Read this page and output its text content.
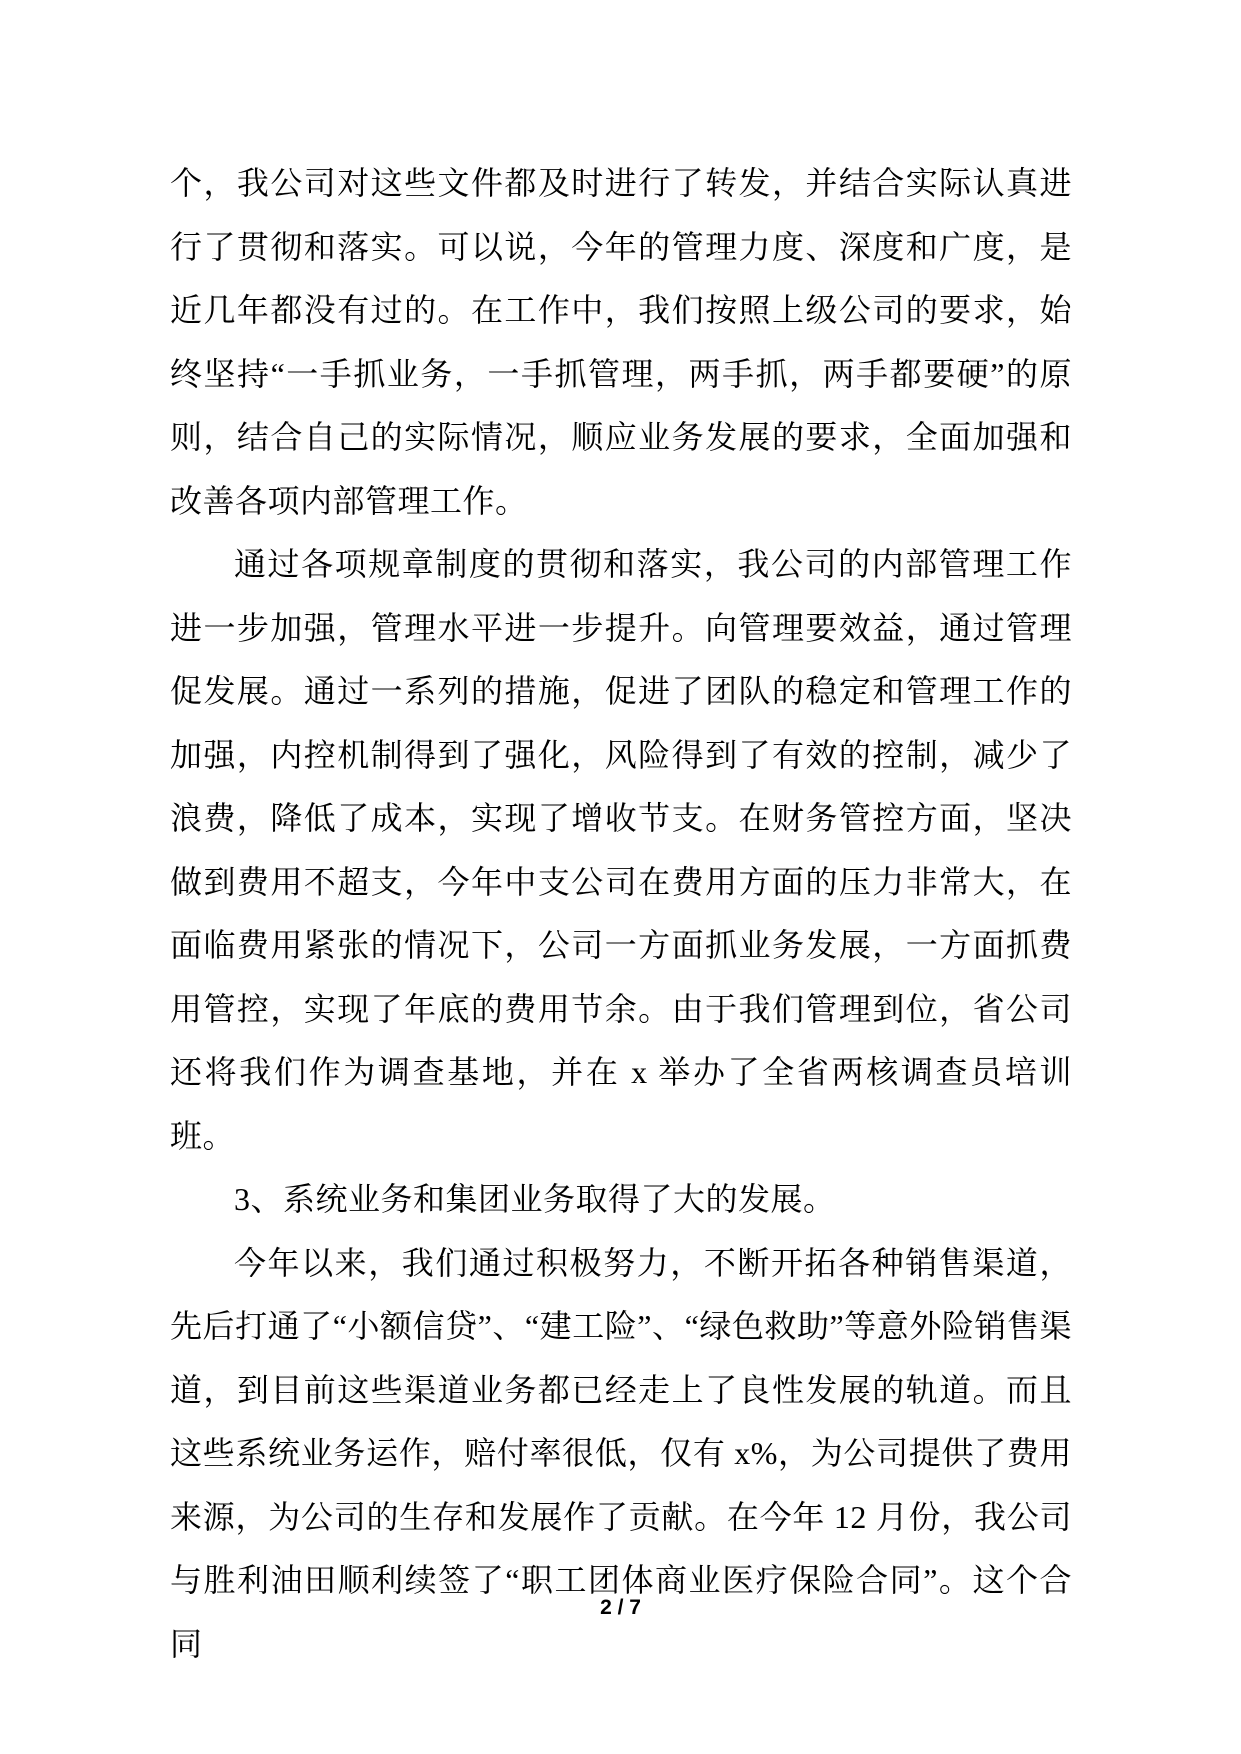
个，我公司对这些文件都及时进行了转发，并结合实际认真进行了贯彻和落实。可以说，今年的管理力度、深度和广度，是近几年都没有过的。在工作中，我们按照上级公司的要求，始终坚持“一手抓业务，一手抓管理，两手抓，两手都要硬”的原则，结合自己的实际情况，顺应业务发展的要求，全面加强和改善各项内部管理工作。

通过各项规章制度的贯彻和落实，我公司的内部管理工作进一步加强，管理水平进一步提升。向管理要效益，通过管理促发展。通过一系列的措施，促进了团队的稳定和管理工作的加强，内控机制得到了强化，风险得到了有效的控制，减少了浪费，降低了成本，实现了增收节支。在财务管控方面，坚决做到费用不超支，今年中支公司在费用方面的压力非常大，在面临费用紧张的情况下，公司一方面抓业务发展，一方面抓费用管控，实现了年底的费用节余。由于我们管理到位，省公司还将我们作为调查基地，并在 x 举办了全省两核调查员培训班。

3、系统业务和集团业务取得了大的发展。

今年以来，我们通过积极努力，不断开拓各种销售渠道，先后打通了“小额信贷”、“建工险”、“绿色救助”等意外险销售渠道，到目前这些渠道业务都已经走上了良性发展的轨道。而且这些系统业务运作，赔付率很低，仅有 x%，为公司提供了费用来源，为公司的生存和发展作了贡献。在今年 12 月份，我公司与胜利油田顺利续签了“职工团体商业医疗保险合同”。这个合同

2 / 7
